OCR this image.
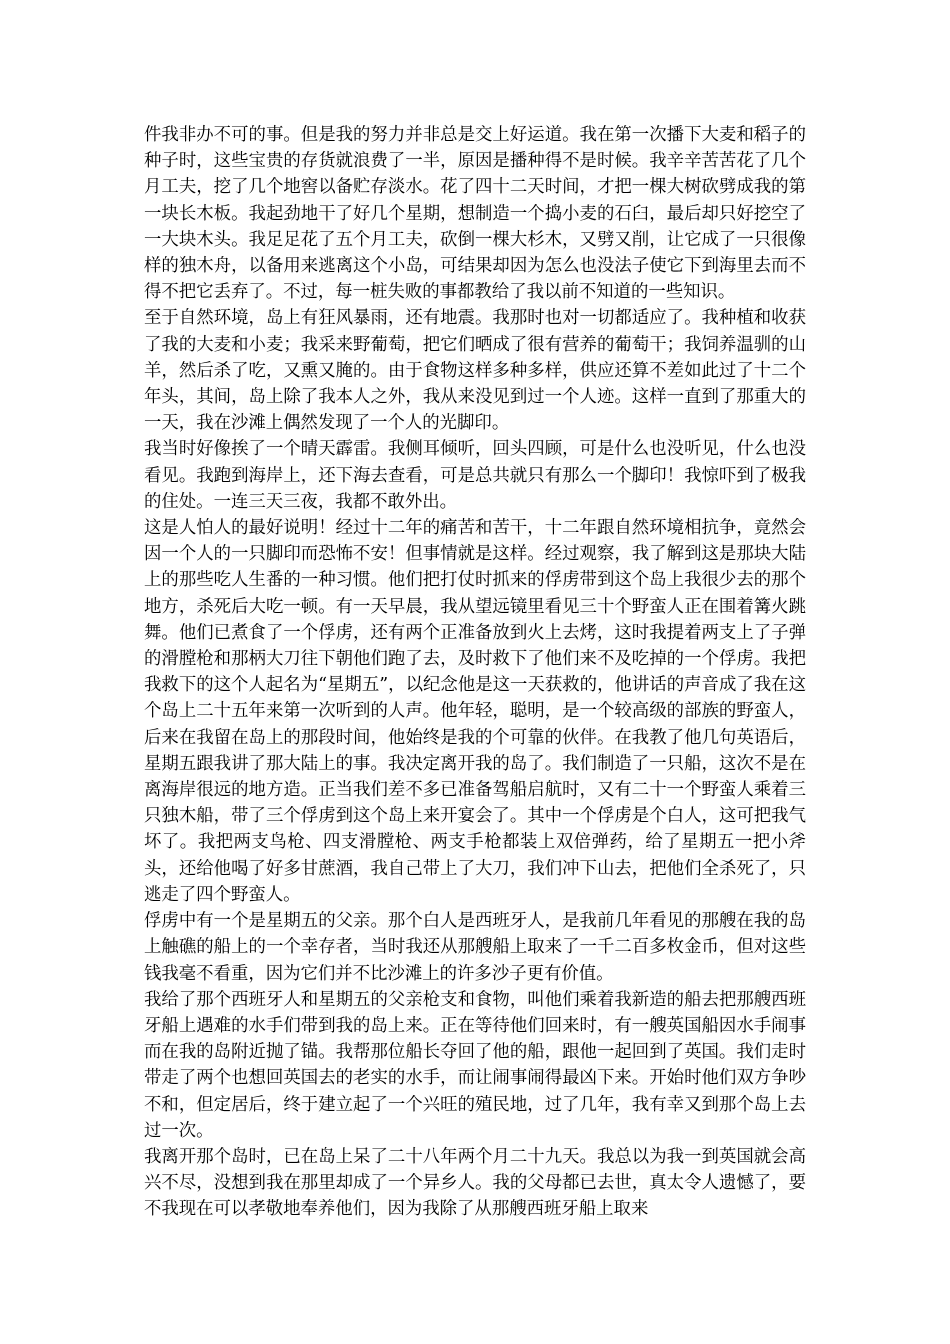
件我非办不可的事。但是我的努力并非总是交上好运道。我在第一次播下大麦和稻子的种子时，这些宝贵的存货就浪费了一半，原因是播种得不是时候。我辛辛苦苦花了几个月工夫，挖了几个地窖以备贮存淡水。花了四十二天时间，才把一棵大树砍劈成我的第一块长木板。我起劲地干了好几个星期，想制造一个捣小麦的石臼，最后却只好挖空了一大块木头。我足足花了五个月工夫，砍倒一棵大杉木，又劈又削，让它成了一只很像样的独木舟，以备用来逃离这个小岛，可结果却因为怎么也没法子使它下到海里去而不得不把它丢弃了。不过，每一桩失败的事都教给了我以前不知道的一些知识。

至于自然环境，岛上有狂风暴雨，还有地震。我那时也对一切都适应了。我种植和收获了我的大麦和小麦；我采来野葡萄，把它们晒成了很有营养的葡萄干；我饲养温驯的山羊，然后杀了吃，又熏又腌的。由于食物这样多种多样，供应还算不差如此过了十二个年头，其间，岛上除了我本人之外，我从来没见到过一个人迹。这样一直到了那重大的一天，我在沙滩上偶然发现了一个人的光脚印。

我当时好像挨了一个晴天霹雷。我侧耳倾听，回头四顾，可是什么也没听见，什么也没看见。我跑到海岸上，还下海去查看，可是总共就只有那么一个脚印！我惊吓到了极我的住处。一连三天三夜，我都不敢外出。

这是人怕人的最好说明！经过十二年的痛苦和苦干，十二年跟自然环境相抗争，竟然会因一个人的一只脚印而恐怖不安！但事情就是这样。经过观察，我了解到这是那块大陆上的那些吃人生番的一种习惯。他们把打仗时抓来的俘虏带到这个岛上我很少去的那个地方，杀死后大吃一顿。有一天早晨，我从望远镜里看见三十个野蛮人正在围着篝火跳舞。他们已煮食了一个俘虏，还有两个正准备放到火上去烤，这时我提着两支上了子弹的滑膛枪和那柄大刀往下朝他们跑了去，及时救下了他们来不及吃掉的一个俘虏。我把我救下的这个人起名为“星期五”，以纪念他是这一天获救的，他讲话的声音成了我在这个岛上二十五年来第一次听到的人声。他年轻，聪明，是一个较高级的部族的野蛮人，后来在我留在岛上的那段时间，他始终是我的个可靠的伙伴。在我教了他几句英语后，星期五跟我讲了那大陆上的事。我决定离开我的岛了。我们制造了一只船，这次不是在离海岸很远的地方造。正当我们差不多已准备驾船启航时，又有二十一个野蛮人乘着三只独木船，带了三个俘虏到这个岛上来开宴会了。其中一个俘虏是个白人，这可把我气坏了。我把两支鸟枪、四支滑膛枪、两支手枪都装上双倍弹药，给了星期五一把小斧头，还给他喝了好多甘蔗酒，我自己带上了大刀，我们冲下山去，把他们全杀死了，只逃走了四个野蛮人。

俘虏中有一个是星期五的父亲。那个白人是西班牙人，是我前几年看见的那艘在我的岛上触礁的船上的一个幸存者，当时我还从那艘船上取来了一千二百多枚金币，但对这些钱我毫不看重，因为它们并不比沙滩上的许多沙子更有价值。

我给了那个西班牙人和星期五的父亲枪支和食物，叫他们乘着我新造的船去把那艘西班牙船上遇难的水手们带到我的岛上来。正在等待他们回来时，有一艘英国船因水手闹事而在我的岛附近抛了锚。我帮那位船长夺回了他的船，跟他一起回到了英国。我们走时带走了两个也想回英国去的老实的水手，而让闹事闹得最凶下来。开始时他们双方争吵不和，但定居后，终于建立起了一个兴旺的殖民地，过了几年，我有幸又到那个岛上去过一次。

我离开那个岛时，已在岛上呆了二十八年两个月二十九天。我总以为我一到英国就会高兴不尽，没想到我在那里却成了一个异乡人。我的父母都已去世，真太令人遗憾了，要不我现在可以孝敬地奉养他们，因为我除了从那艘西班牙船上取来
